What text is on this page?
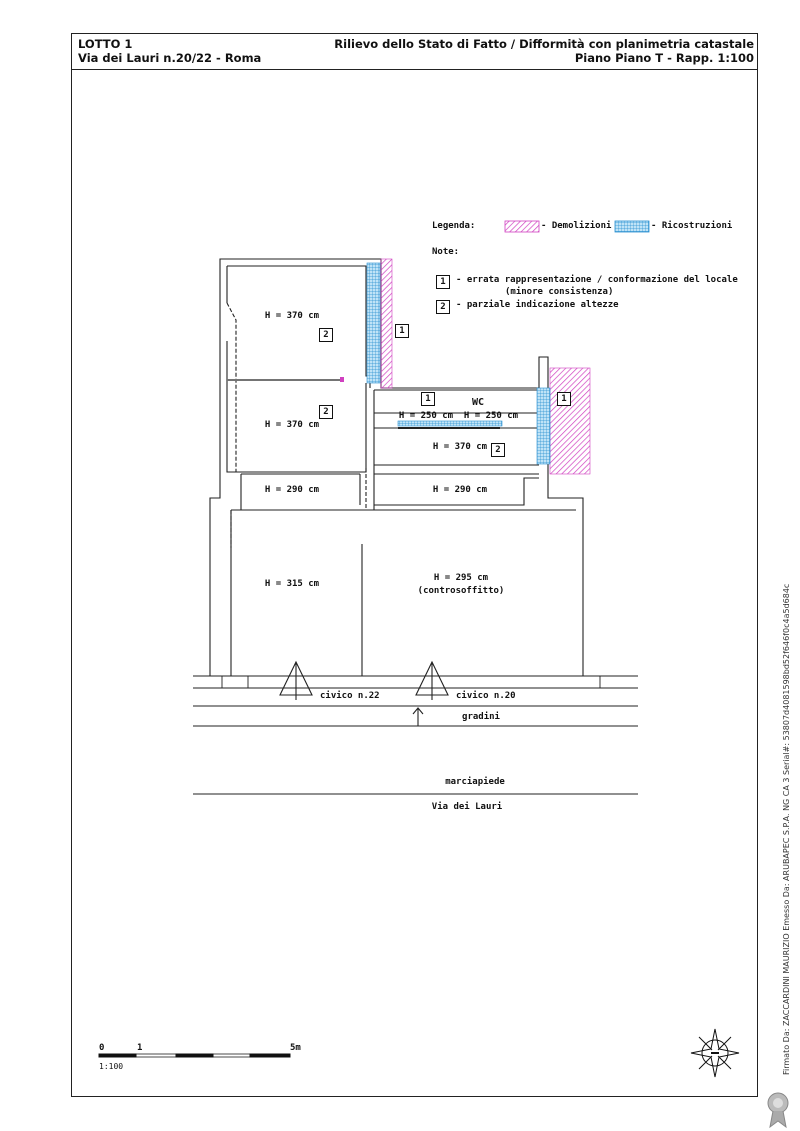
LOTTO 1
Via dei Lauri n.20/22 - Roma
Rilievo dello Stato di Fatto / Difformità con planimetria catastale
Piano Piano T - Rapp. 1:100
Legenda:	- Demolizioni	- Ricostruzioni
Note:
1	- errata rappresentazione / conformazione del locale
(minore consistenza)
2	- parziale indicazione altezze
H = 370 cm
H = 370 cm
H = 250 cm H = 250 cm
WC
H = 370 cm
H = 290 cm	H = 290 cm
H = 315 cm
H = 295 cm
(controsoffitto)
2	1
2
1	1
2
civico n.22	civico n.20
gradini
marciapiede
Via dei Lauri
0	1	5m
1:100	Firmato Da: ZACCARDINI MAURIZIO Emesso Da: ARUBAPEC S.P.A. NG CA 3 Serial#: 53807d4081598bd52f646f0c4a5d684c
